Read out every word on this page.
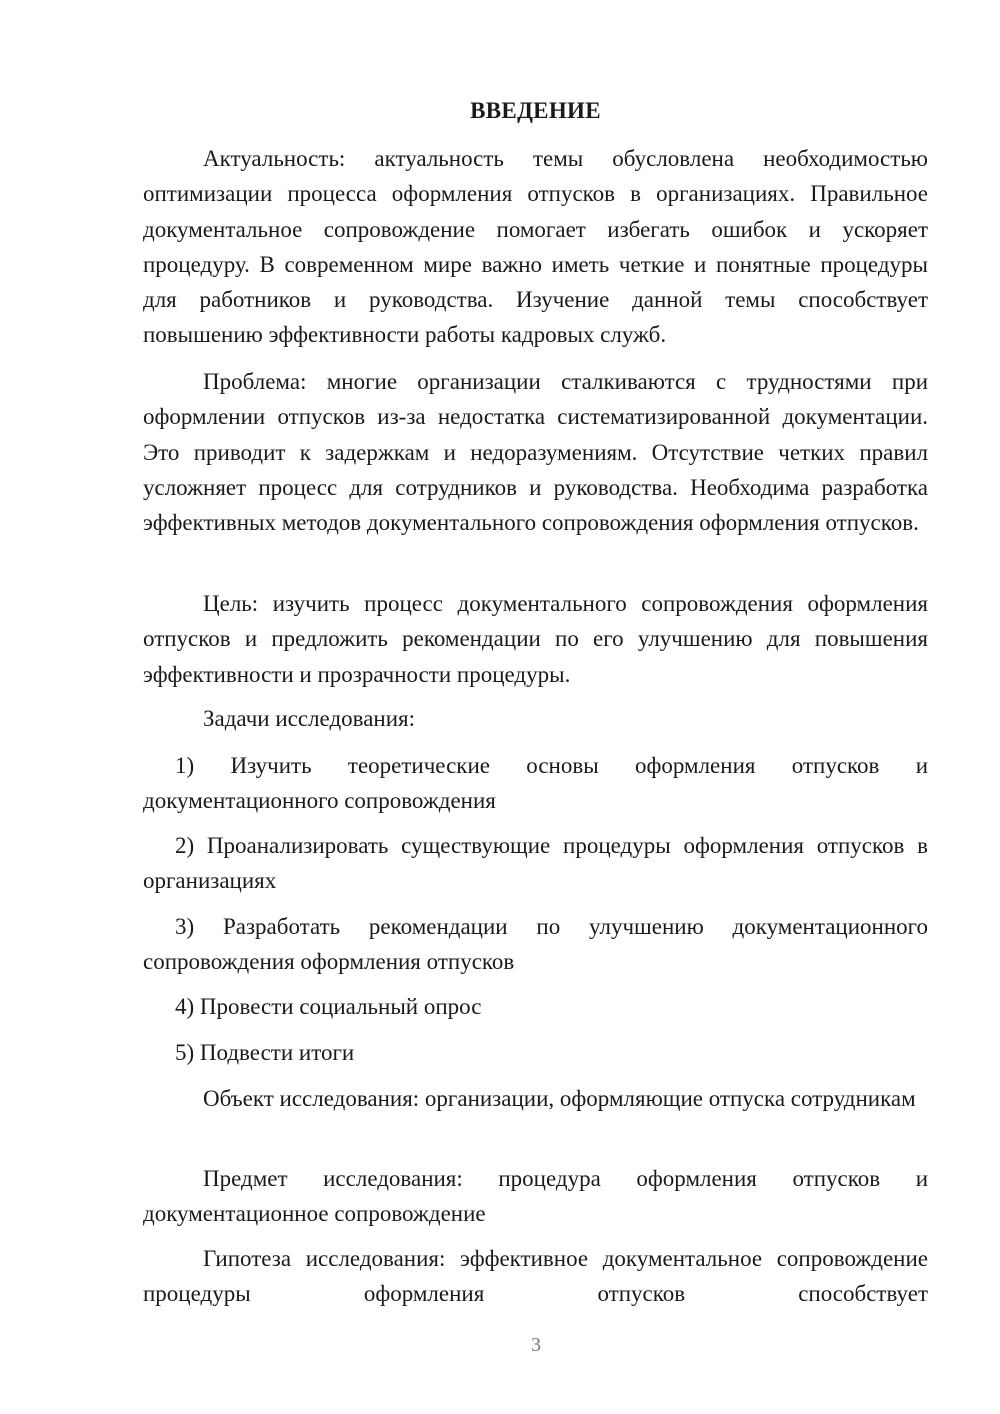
ВВЕДЕНИЕ

Актуальность: актуальность темы обусловлена необходимостью оптимизации процесса оформления отпусков в организациях. Правильное документальное сопровождение помогает избегать ошибок и ускоряет процедуру. В современном мире важно иметь четкие и понятные процедуры для работников и руководства. Изучение данной темы способствует повышению эффективности работы кадровых служб.

Проблема: многие организации сталкиваются с трудностями при оформлении отпусков из-за недостатка систематизированной документации. Это приводит к задержкам и недоразумениям. Отсутствие четких правил усложняет процесс для сотрудников и руководства. Необходима разработка эффективных методов документального сопровождения оформления отпусков.

Цель: изучить процесс документального сопровождения оформления отпусков и предложить рекомендации по его улучшению для повышения эффективности и прозрачности процедуры.

Задачи исследования:

1) Изучить теоретические основы оформления отпусков и документационного сопровождения

2) Проанализировать существующие процедуры оформления отпусков в организациях

3) Разработать рекомендации по улучшению документационного сопровождения оформления отпусков

4) Провести социальный опрос

5) Подвести итоги

Объект исследования: организации, оформляющие отпуска сотрудникам

Предмет исследования: процедура оформления отпусков и документационное сопровождение

Гипотеза исследования: эффективное документальное сопровождение процедуры оформления отпусков способствует

3
